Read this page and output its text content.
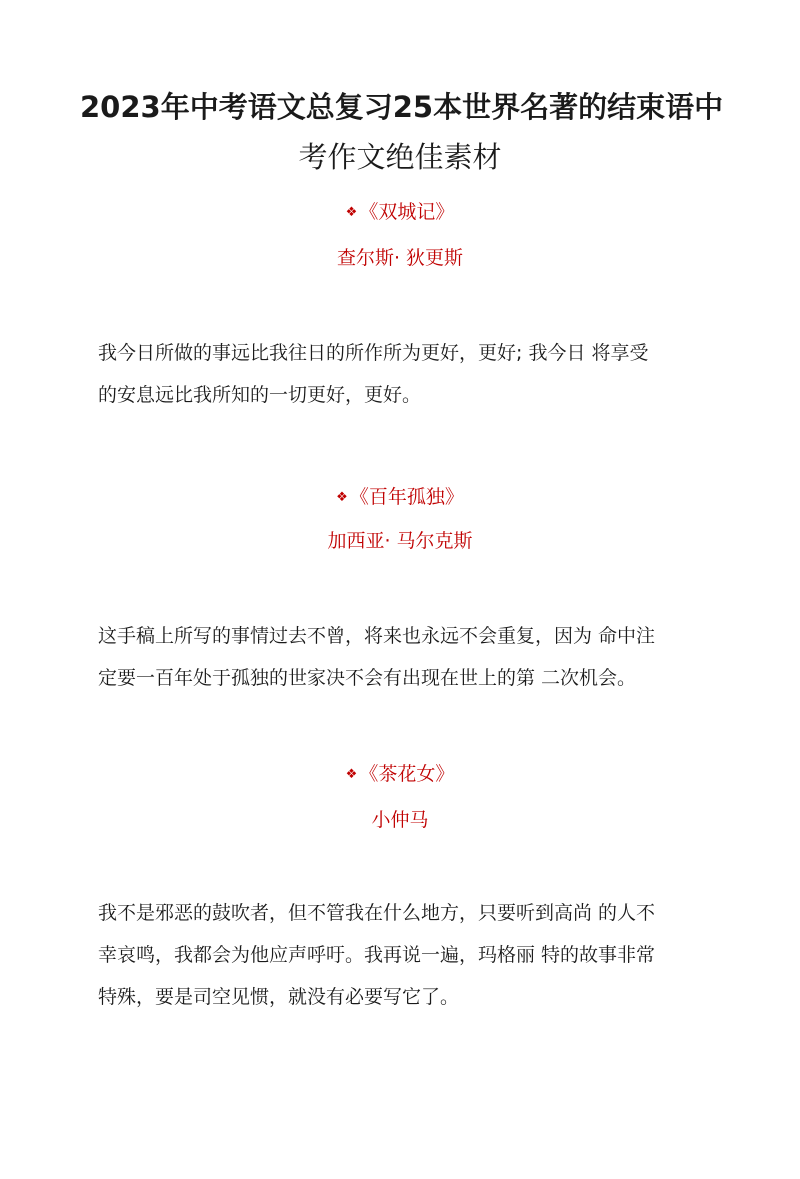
2023年中考语文总复习25本世界名著的结束语中
考作文绝佳素材
❖ 《双城记》
查尔斯· 狄更斯

我今日所做的事远比我往日的所作所为更好，更好; 我今日 将享受
的安息远比我所知的一切更好，更好。

❖ 《百年孤独》
加西亚· 马尔克斯

这手稿上所写的事情过去不曾，将来也永远不会重复，因为 命中注
定要一百年处于孤独的世家决不会有出现在世上的第 二次机会。

❖ 《茶花女》
小仲马

我不是邪恶的鼓吹者，但不管我在什么地方，只要听到高尚 的人不
幸哀鸣，我都会为他应声呼吁。我再说一遍，玛格丽 特的故事非常
特殊，要是司空见惯，就没有必要写它了。
